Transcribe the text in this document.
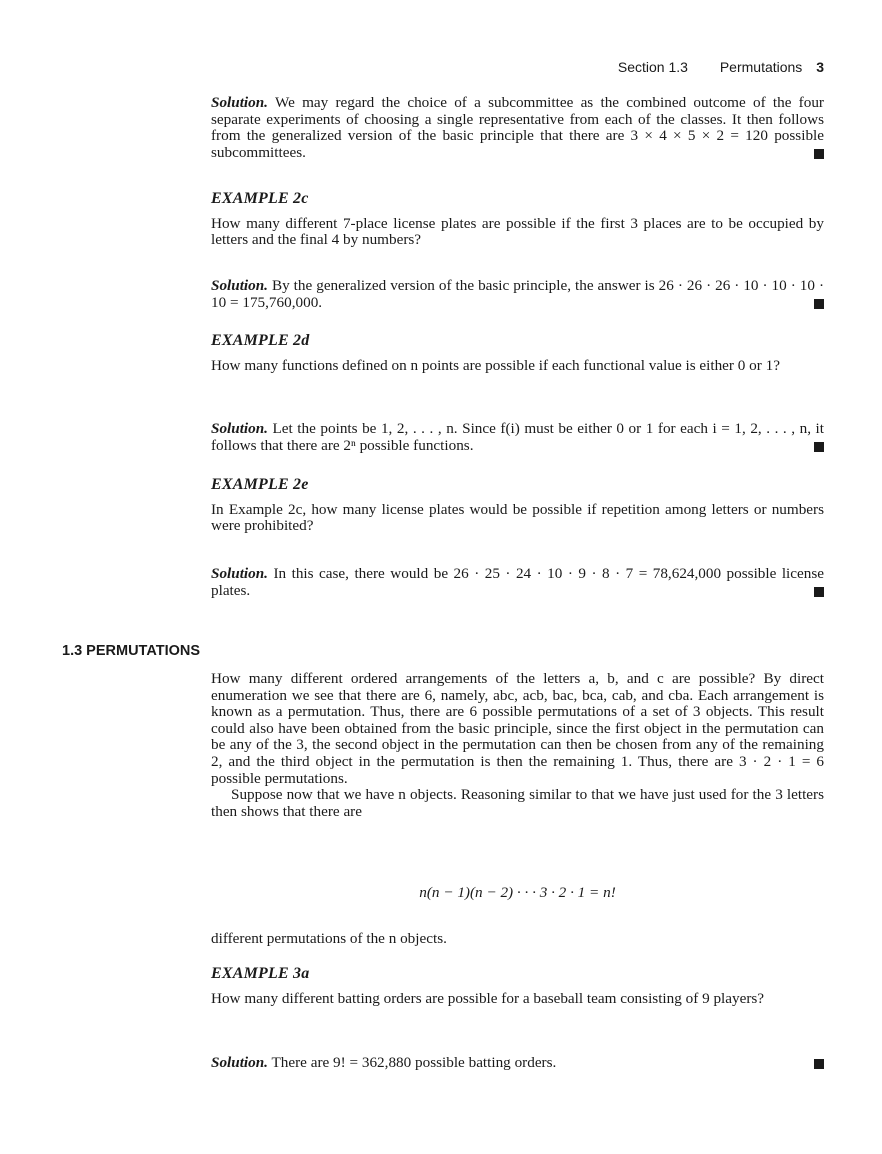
Section 1.3 Permutations 3

Solution. We may regard the choice of a subcommittee as the combined outcome of the four separate experiments of choosing a single representative from each of the classes. It then follows from the generalized version of the basic principle that there are 3 × 4 × 5 × 2 = 120 possible subcommittees.

EXAMPLE 2c

How many different 7-place license plates are possible if the first 3 places are to be occupied by letters and the final 4 by numbers?

Solution. By the generalized version of the basic principle, the answer is 26 · 26 · 26 · 10 · 10 · 10 · 10 = 175,760,000.

EXAMPLE 2d

How many functions defined on n points are possible if each functional value is either 0 or 1?

Solution. Let the points be 1, 2, . . . , n. Since f(i) must be either 0 or 1 for each i = 1, 2, . . . , n, it follows that there are 2ⁿ possible functions.

EXAMPLE 2e

In Example 2c, how many license plates would be possible if repetition among letters or numbers were prohibited?

Solution. In this case, there would be 26 · 25 · 24 · 10 · 9 · 8 · 7 = 78,624,000 possible license plates.

1.3 PERMUTATIONS

How many different ordered arrangements of the letters a, b, and c are possible? By direct enumeration we see that there are 6, namely, abc, acb, bac, bca, cab, and cba. Each arrangement is known as a permutation. Thus, there are 6 possible permutations of a set of 3 objects. This result could also have been obtained from the basic principle, since the first object in the permutation can be any of the 3, the second object in the permutation can then be chosen from any of the remaining 2, and the third object in the permutation is then the remaining 1. Thus, there are 3 · 2 · 1 = 6 possible permutations.

Suppose now that we have n objects. Reasoning similar to that we have just used for the 3 letters then shows that there are

n(n − 1)(n − 2) · · · 3 · 2 · 1 = n!

different permutations of the n objects.

EXAMPLE 3a

How many different batting orders are possible for a baseball team consisting of 9 players?

Solution. There are 9! = 362,880 possible batting orders.
